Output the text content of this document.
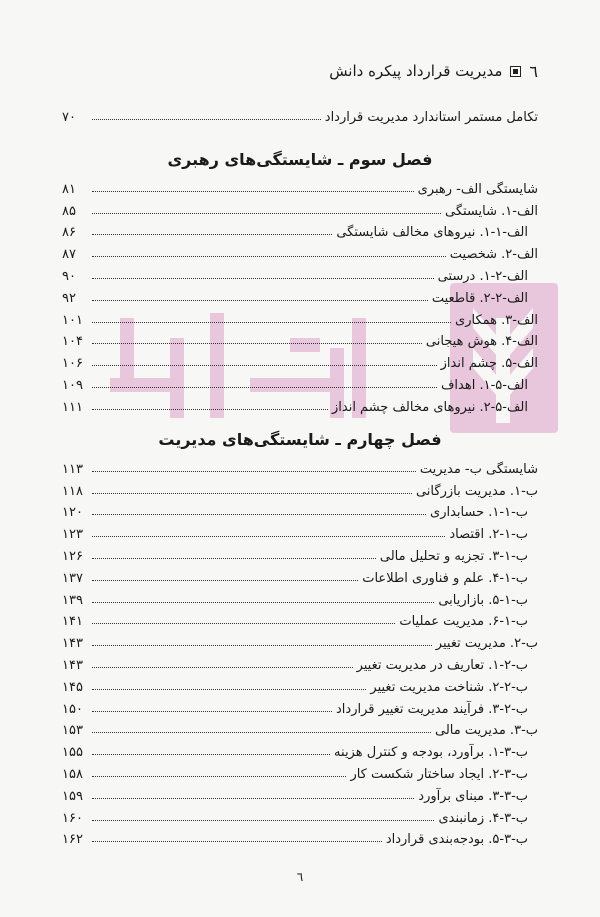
٦
مدیریت قرارداد پیکره دانش
تکامل مستمر استاندارد مدیریت قرارداد
۷۰
فصل سوم ـ شایستگی‌های رهبری
شایستگی الف- رهبری
۸۱
الف-۱. شایستگی
۸۵
الف-۱-۱. نیروهای مخالف شایستگی
۸۶
الف-۲. شخصیت
۸۷
الف-۲-۱. درستی
۹۰
الف-۲-۲. قاطعیت
۹۲
الف-۳. همکاری
۱۰۱
الف-۴. هوش هیجانی
۱۰۴
الف-۵. چشم انداز
۱۰۶
الف-۵-۱. اهداف
۱۰۹
الف-۵-۲. نیروهای مخالف چشم انداز
۱۱۱
فصل چهارم ـ شایستگی‌های مدیریت
شایستگی ب- مدیریت
۱۱۳
ب-۱. مدیریت بازرگانی
۱۱۸
ب-۱-۱. حسابداری
۱۲۰
ب-۱-۲. اقتصاد
۱۲۳
ب-۱-۳. تجزیه و تحلیل مالی
۱۲۶
ب-۱-۴. علم و فناوری اطلاعات
۱۳۷
ب-۱-۵. بازاریابی
۱۳۹
ب-۱-۶. مدیریت عملیات
۱۴۱
ب-۲. مدیریت تغییر
۱۴۳
ب-۲-۱. تعاریف در مدیریت تغییر
۱۴۳
ب-۲-۲. شناخت مدیریت تغییر
۱۴۵
ب-۲-۳. فرآیند مدیریت تغییر قرارداد
۱۵۰
ب-۳. مدیریت مالی
۱۵۳
ب-۳-۱. برآورد، بودجه و کنترل هزینه
۱۵۵
ب-۳-۲. ایجاد ساختار شکست کار
۱۵۸
ب-۳-۳. مبنای برآورد
۱۵۹
ب-۳-۴. زمانبندی
۱۶۰
ب-۳-۵. بودجه‌بندی قرارداد
۱۶۲
٦
